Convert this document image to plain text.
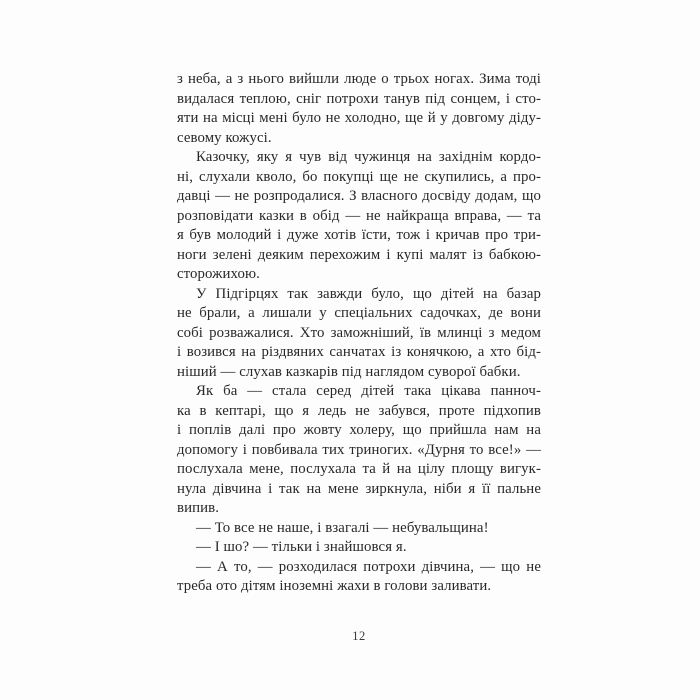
з неба, а з нього вийшли люде о трьох ногах. Зима тоді
видалася теплою, сніг потрохи танув під сонцем, і сто-
яти на місці мені було не холодно, ще й у довгому діду-
севому кожусі.
Казочку, яку я чув від чужинця на західнім кордо-
ні, слухали кволо, бо покупці ще не скупились, а про-
давці — не розпродалися. З власного досвіду додам, що
розповідати казки в обід — не найкраща вправа, — та
я був молодий і дуже хотів їсти, тож і кричав про три-
ноги зелені деяким перехожим і купі малят із бабкою-
сторожихою.
У Підгірцях так завжди було, що дітей на базар
не брали, а лишали у спеціальних садочках, де вони
собі розважалися. Хто заможніший, їв млинці з медом
і возився на різдвяних санчатах із конячкою, а хто бід-
ніший — слухав казкарів під наглядом суворої бабки.
Як ба — стала серед дітей така цікава панноч-
ка в кептарі, що я ледь не забувся, проте підхопив
і поплів далі про жовту холеру, що прийшла нам на
допомогу і повбивала тих триногих. «Дурня то все!» —
послухала мене, послухала та й на цілу площу вигук-
нула дівчина і так на мене зиркнула, ніби я її пальне
випив.
— То все не наше, і взагалі — небувальщина!
— І шо? — тільки і знайшовся я.
— А то, — розходилася потрохи дівчина, — що не
треба ото дітям іноземні жахи в голови заливати.
12
